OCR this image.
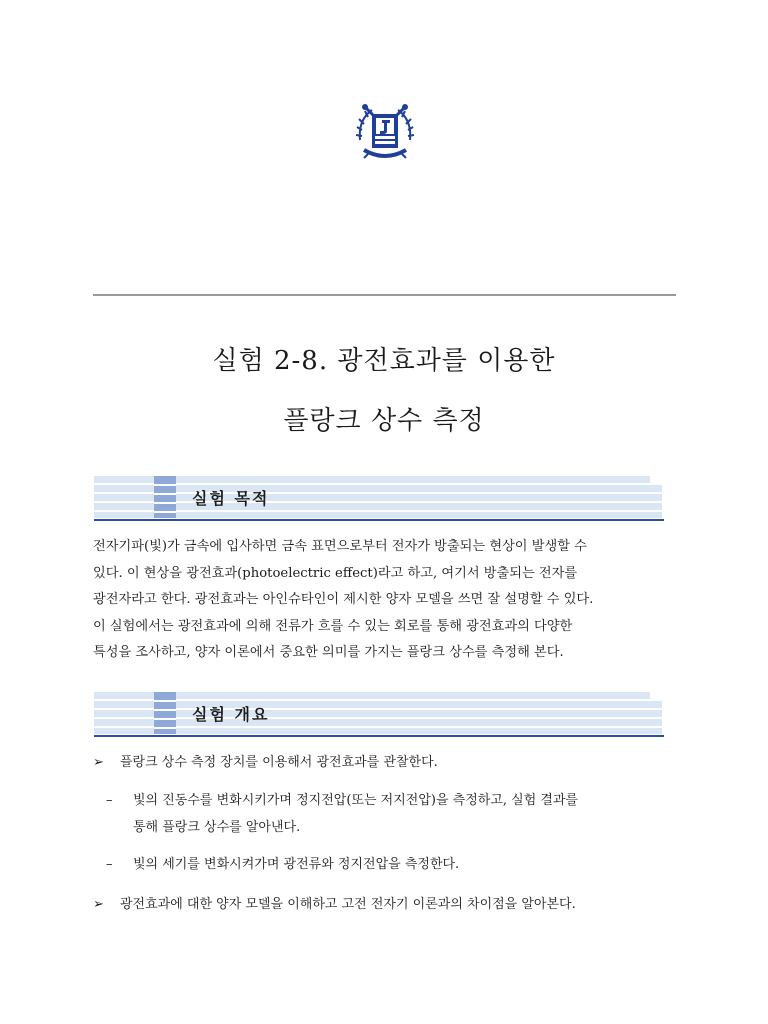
실험 2-8. 광전효과를 이용한
플랑크 상수 측정
실험 목적

전자기파(빛)가 금속에 입사하면 금속 표면으로부터 전자가 방출되는 현상이 발생할 수

있다. 이 현상을 광전효과(photoelectric effect)라고 하고, 여기서 방출되는 전자를

광전자라고 한다. 광전효과는 아인슈타인이 제시한 양자 모델을 쓰면 잘 설명할 수 있다.

이 실험에서는 광전효과에 의해 전류가 흐를 수 있는 회로를 통해 광전효과의 다양한

특성을 조사하고, 양자 이론에서 중요한 의미를 가지는 플랑크 상수를 측정해 본다.

실험 개요
➢ 플랑크 상수 측정 장치를 이용해서 광전효과를 관찰한다.
– 빛의 진동수를 변화시키가며 정지전압(또는 저지전압)을 측정하고, 실험 결과를
통해 플랑크 상수를 알아낸다.
– 빛의 세기를 변화시켜가며 광전류와 정지전압을 측정한다.
➢ 광전효과에 대한 양자 모델을 이해하고 고전 전자기 이론과의 차이점을 알아본다.
